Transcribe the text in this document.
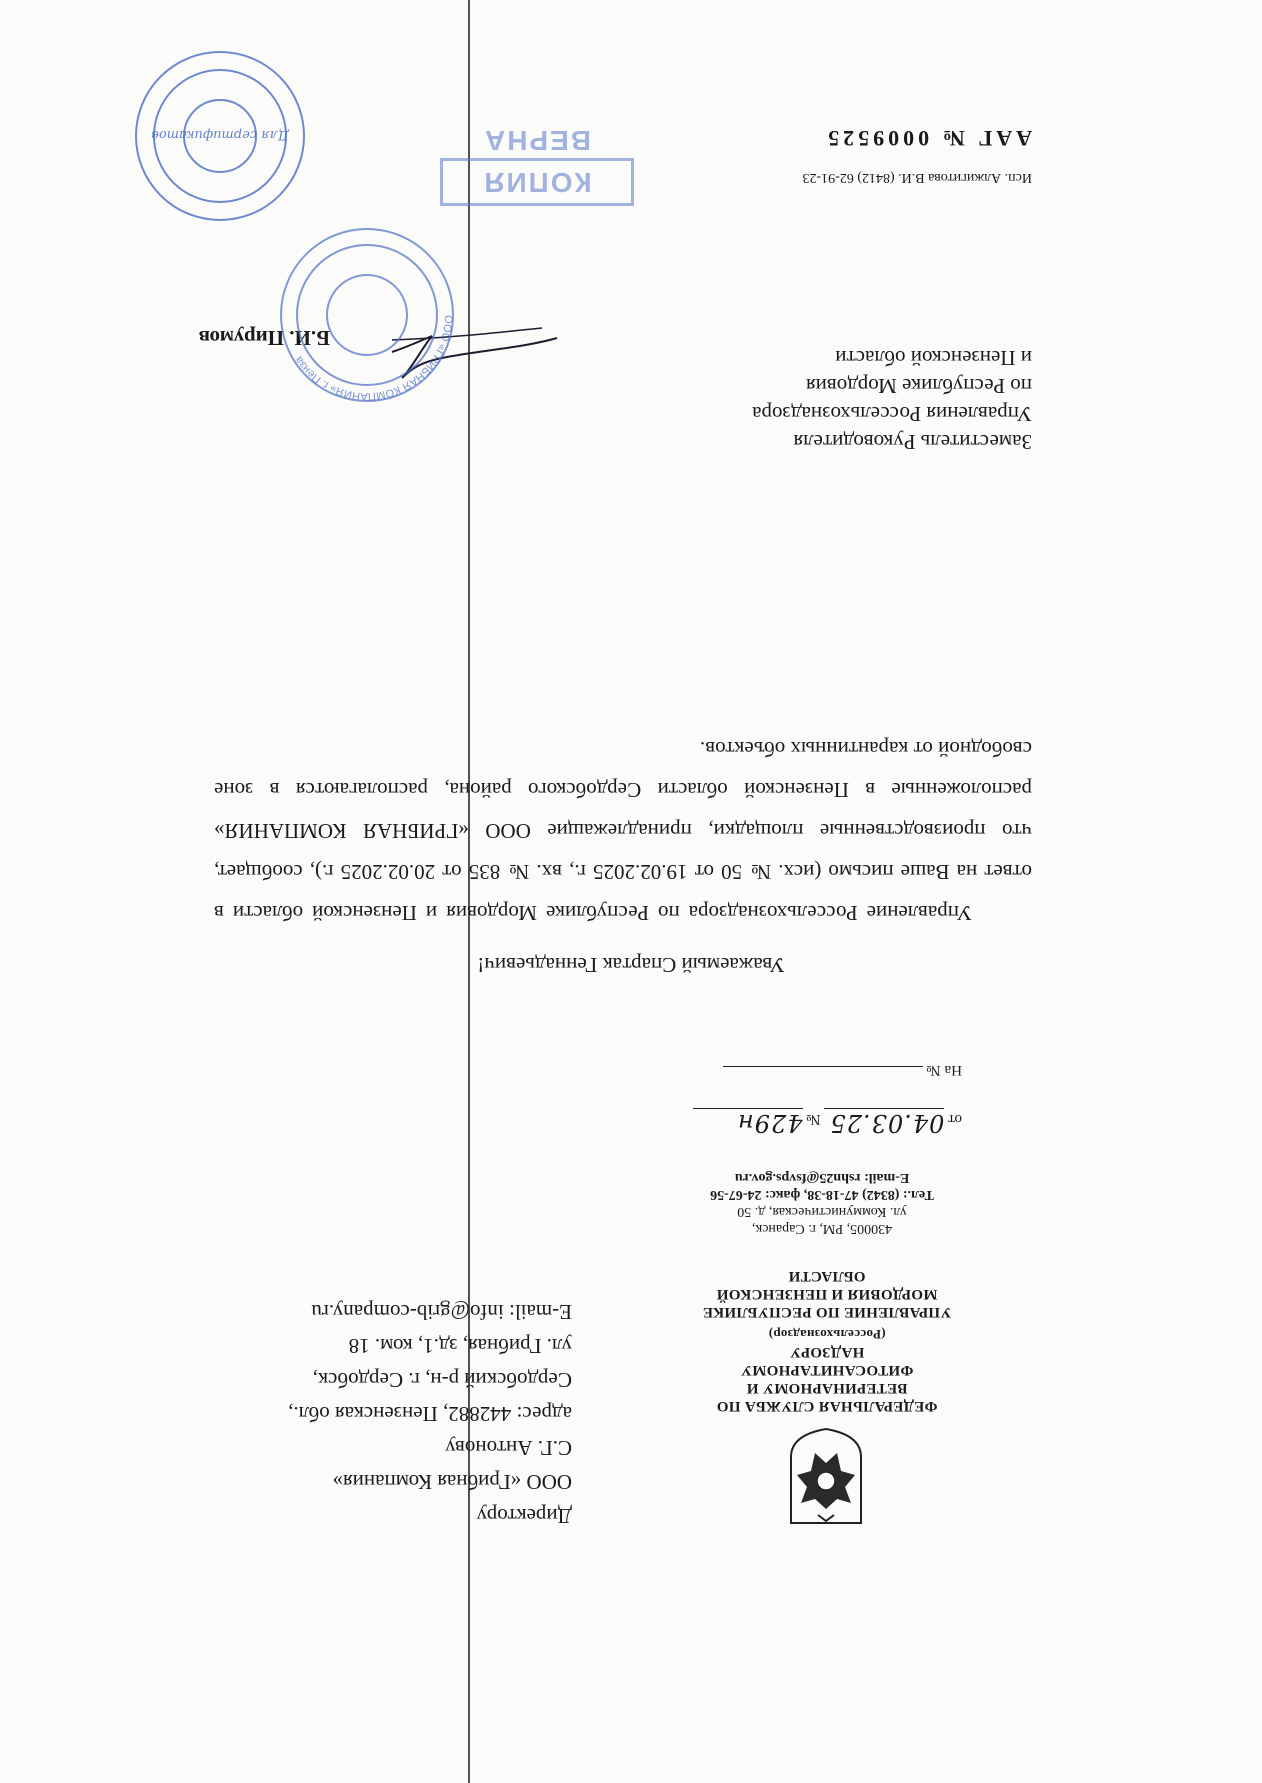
ФЕДЕРАЛЬНАЯ СЛУЖБА ПО ВЕТЕРИНАРНОМУ И ФИТОСАНИТАРНОМУ НАДЗОРУ
(Россельхознадзор)
УПРАВЛЕНИЕ ПО РЕСПУБЛИКЕ МОРДОВИЯ И ПЕНЗЕНСКОЙ ОБЛАСТИ
430005, РМ, г. Саранск,
ул. Коммунистическая, д. 50
Тел.: (8342) 47-18-38, факс: 24-67-56
E-mail: rshn25@fsvps.gov.ru
от 04.03.25 № 429н
На №
Директору
ООО «Грибная Компания»
С.Г. Антонову
адрес: 442882, Пензенская обл.,
Сердобский р-н, г. Сердобск,
ул. Грибная, зд.1, ком. 18
E-mail: info@grib-company.ru
Уважаемый Спартак Геннадьевич!

Управление Россельхознадзора по Республике Мордовия и Пензенской области в ответ на Ваше письмо (исх. № 50 от 19.02.2025 г., вх. № 835 от 20.02.2025 г.), сообщает, что производственные площадки, принадлежащие ООО «ГРИБНАЯ КОМПАНИЯ» расположенные в Пензенской области Сердобского района, располагаются в зоне свободной от карантинных объектов.

Заместитель Руководителя
Управления Россельхознадзора
по Республике Мордовия
и Пензенской области
Б.И. Пирумов
ООО «ГРИБНАЯ КОМПАНИЯ» г. Пенза
КОПИЯ ВЕРНА
Для сертификатов
Исп. Алжигитова В.И. (8412) 62-91-23
ААГ № 0009525
